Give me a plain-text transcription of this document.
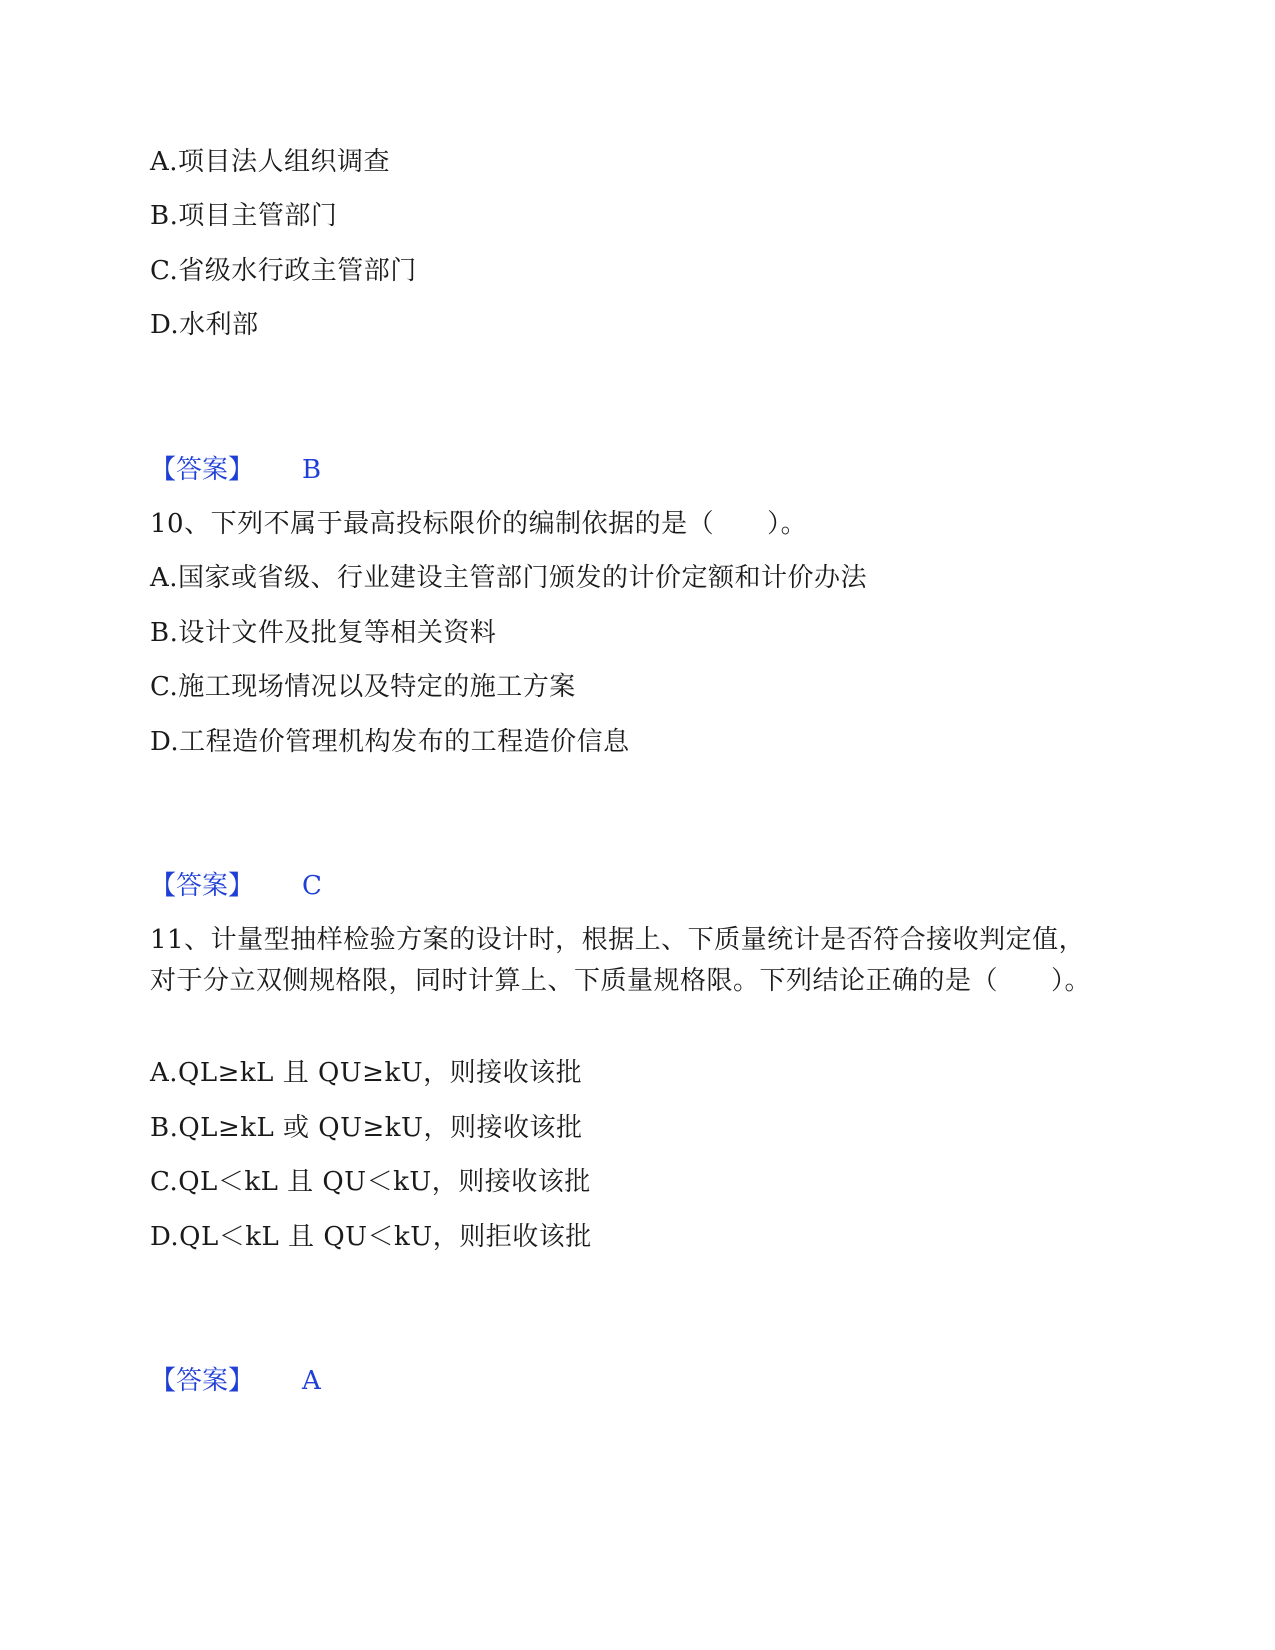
A.项目法人组织调查
B.项目主管部门
C.省级水行政主管部门
D.水利部
【答案】 B
10、下列不属于最高投标限价的编制依据的是（　　）。
A.国家或省级、行业建设主管部门颁发的计价定额和计价办法
B.设计文件及批复等相关资料
C.施工现场情况以及特定的施工方案
D.工程造价管理机构发布的工程造价信息
【答案】 C
11、计量型抽样检验方案的设计时，根据上、下质量统计是否符合接收判定值，对于分立双侧规格限，同时计算上、下质量规格限。下列结论正确的是（　　）。
A.QL≥kL 且 QU≥kU，则接收该批
B.QL≥kL 或 QU≥kU，则接收该批
C.QL＜kL 且 QU＜kU，则接收该批
D.QL＜kL 且 QU＜kU，则拒收该批
【答案】 A
